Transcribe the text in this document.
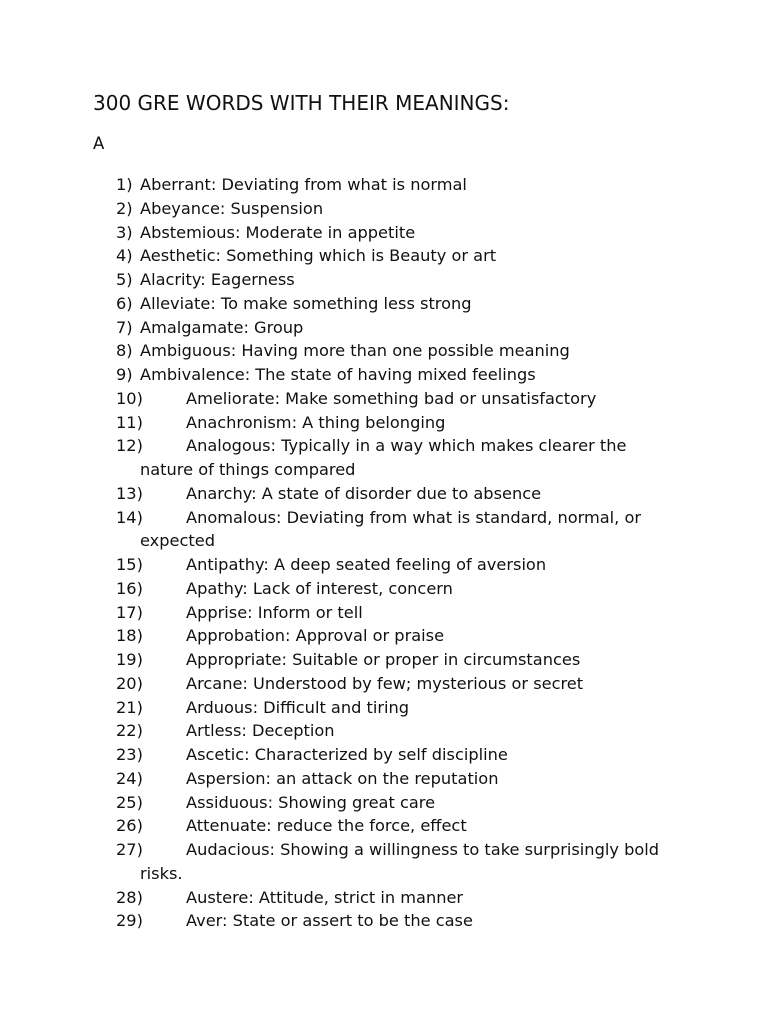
300 GRE WORDS WITH THEIR MEANINGS:

A

1) Aberrant: Deviating from what is normal
2) Abeyance: Suspension
3) Abstemious: Moderate in appetite
4) Aesthetic: Something which is Beauty or art
5) Alacrity: Eagerness
6) Alleviate: To make something less strong
7) Amalgamate: Group
8) Ambiguous: Having more than one possible meaning
9) Ambivalence: The state of having mixed feelings
10)	Ameliorate: Make something bad or unsatisfactory
11)	Anachronism: A thing belonging
12)	Analogous: Typically in a way which makes clearer the nature of things compared
13)	Anarchy: A state of disorder due to absence
14)	Anomalous: Deviating from what is standard, normal, or expected
15)	Antipathy: A deep seated feeling of aversion
16)	Apathy: Lack of interest, concern
17)	Apprise: Inform or tell
18)	Approbation: Approval or praise
19)	Appropriate: Suitable or proper in circumstances
20)	Arcane: Understood by few; mysterious or secret
21)	Arduous: Difficult and tiring
22)	Artless: Deception
23)	Ascetic: Characterized by self discipline
24)	Aspersion: an attack on the reputation
25)	Assiduous: Showing great care
26)	Attenuate: reduce the force, effect
27)	Audacious: Showing a willingness to take surprisingly bold risks.
28)	Austere: Attitude, strict in manner
29)	Aver: State or assert to be the case
